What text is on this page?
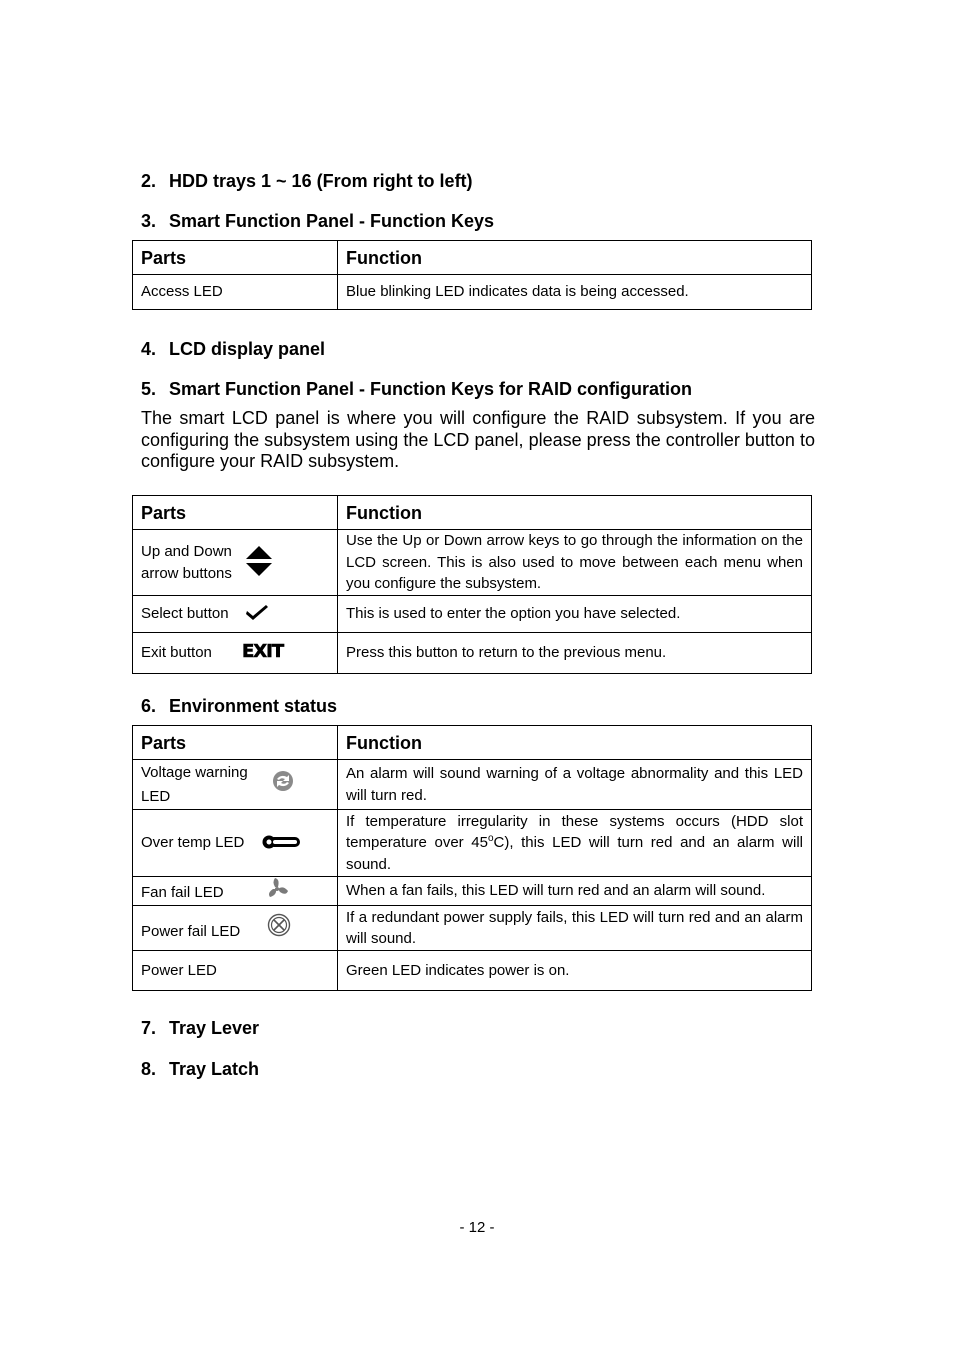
2. HDD trays 1 ~ 16 (From right to left)
3. Smart Function Panel - Function Keys
Parts	Function
Access LED	Blue blinking LED indicates data is being accessed.
4. LCD display panel
5. Smart Function Panel - Function Keys for RAID configuration

The smart LCD panel is where you will configure the RAID subsystem. If you are configuring the subsystem using the LCD panel, please press the controller button to configure your RAID subsystem.

Parts	Function

Up and Down
arrow buttons	Use the Up or Down arrow keys to go through the information on the LCD screen. This is also used to move between each menu when you configure the subsystem.
Select button	This is used to enter the option you have selected.
Exit button EXIT	Press this button to return to the previous menu.
6. Environment status
Parts	Function

Voltage warning
LED	An alarm will sound warning of a voltage abnormality and this LED will turn red.
Over temp LED	If temperature irregularity in these systems occurs (HDD slot temperature over 45$^o$C), this LED will turn red and an alarm will sound.
Fan fail LED	When a fan fails, this LED will turn red and an alarm will sound.
Power fail LED	If a redundant power supply fails, this LED will turn red and an alarm will sound.
Power LED	Green LED indicates power is on.
7. Tray Lever
8. Tray Latch
- 12 -
